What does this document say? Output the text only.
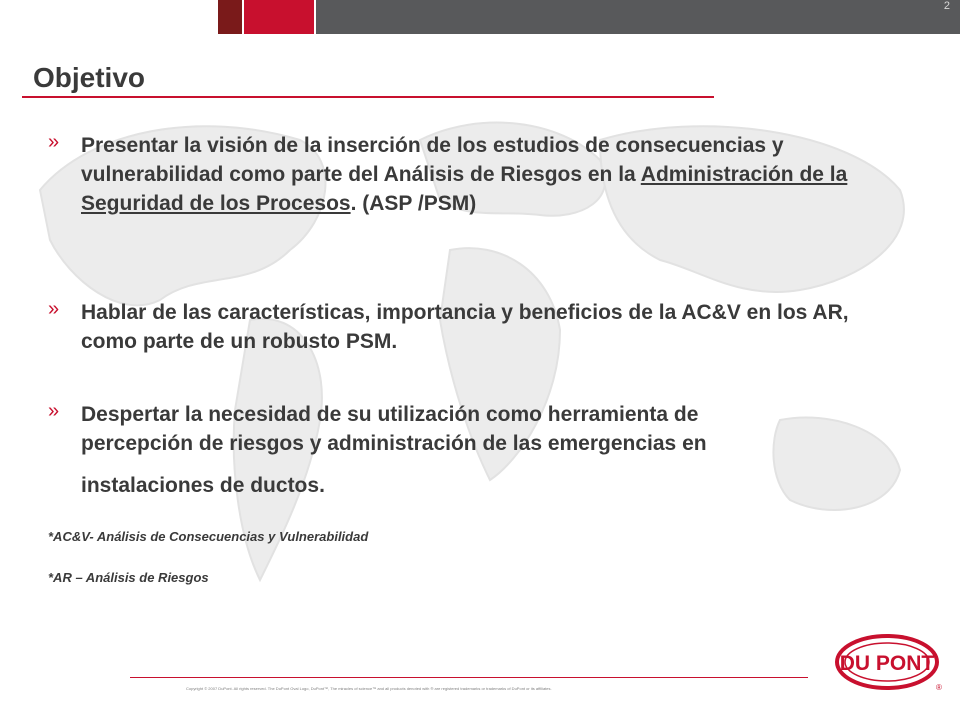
2
Objetivo
» Presentar la visión de la inserción de los estudios de consecuencias y vulnerabilidad como parte del Análisis de Riesgos en la Administración de la Seguridad de los Procesos. (ASP /PSM)
» Hablar de las características, importancia y beneficios de la AC&V en los AR, como parte de un robusto PSM.
» Despertar la necesidad de su utilización como herramienta de
percepción de riesgos y administración de las emergencias en
instalaciones de ductos.
*AC&V- Análisis de Consecuencias y Vulnerabilidad
*AR – Análisis de Riesgos
Copyright © 2007 DuPont. All rights reserved. The DuPont Oval Logo, DuPont™, The miracles of science™ and all products denoted with ® are registered trademarks or trademarks of DuPont or its affiliates.
DU PONT
®
